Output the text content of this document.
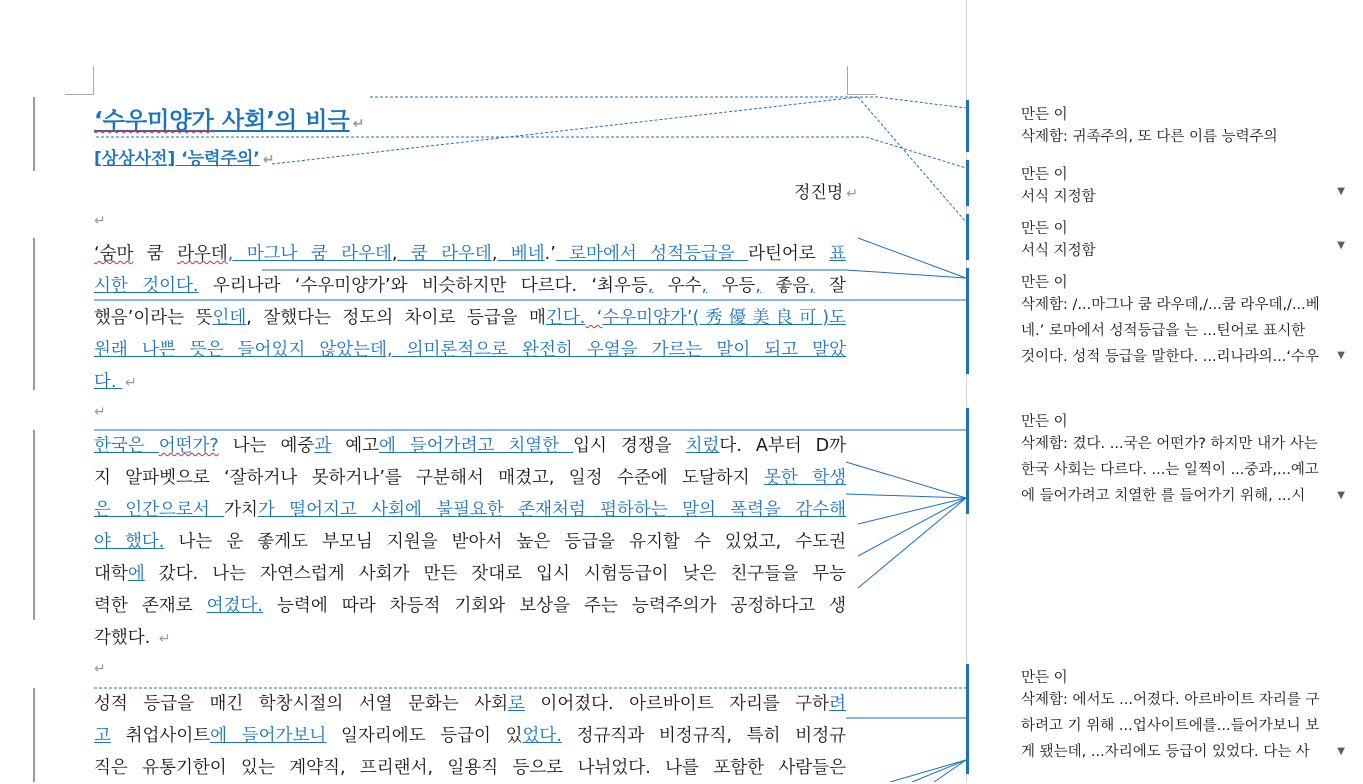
‘수우미양가 사회’의 비극 ↵
[상상사전] ‘능력주의’ ↵
정진명 ↵
↵
‘숨마 쿰 라우데, 마그나 쿰 라우데, 쿰 라우데, 베네.’ 로마에서 성적등급을 라틴어로 표
시한 것이다. 우리나라 ‘수우미양가’와 비슷하지만 다르다. ‘최우등, 우수, 우등, 좋음, 잘
했음’이라는 뜻인데, 잘했다는 정도의 차이로 등급을 매긴다. ‘수우미양가’(秀優美良可)도
원래 나쁜 뜻은 들어있지 않았는데, 의미론적으로 완전히 우열을 가르는 말이 되고 말았
다. ↵
↵
한국은 어떤가? 나는 예중과 예고에 들어가려고 치열한 입시 경쟁을 치렀다. A부터 D까
지 알파벳으로 ‘잘하거나 못하거나’를 구분해서 매겼고, 일정 수준에 도달하지 못한 학생
은 인간으로서 가치가 떨어지고 사회에 불필요한 존재처럼 폄하하는 말의 폭력을 감수해
야 했다. 나는 운 좋게도 부모님 지원을 받아서 높은 등급을 유지할 수 있었고, 수도권
대학에 갔다. 나는 자연스럽게 사회가 만든 잣대로 입시 시험등급이 낮은 친구들을 무능
력한 존재로 여겼다. 능력에 따라 차등적 기회와 보상을 주는 능력주의가 공정하다고 생
각했다. ↵
↵
성적 등급을 매긴 학창시절의 서열 문화는 사회로 이어졌다. 아르바이트 자리를 구하려
고 취업사이트에 들어가보니 일자리에도 등급이 있었다. 정규직과 비정규직, 특히 비정규
직은 유통기한이 있는 계약직, 프리랜서, 일용직 등으로 나뉘었다. 나를 포함한 사람들은
만든 이
삭제함: 귀족주의, 또 다른 이름 능력주의
만든 이
서식 지정함	▼
만든 이
서식 지정함	▼
만든 이
삭제함: /...마그나 쿰 라우데,/...쿰 라우데,/...베
네.’ 로마에서 성적등급을 는 ...틴어로 표시한
것이다. 성적 등급을 말한다. ...리나라의...‘수우	▼
만든 이
삭제함: 겼다. ...국은 어떤가? 하지만 내가 사는
한국 사회는 다르다. ...는 일찍이 ...중과,...예고
에 들어가려고 치열한 를 들어가기 위해, ...시	▼
만든 이
삭제함: 에서도 ...어졌다. 아르바이트 자리를 구
하려고 기 위해 ...업사이트에를...들어가보니 보
게 됐는데, ...자리에도 등급이 있었다. 다는 사	▼
